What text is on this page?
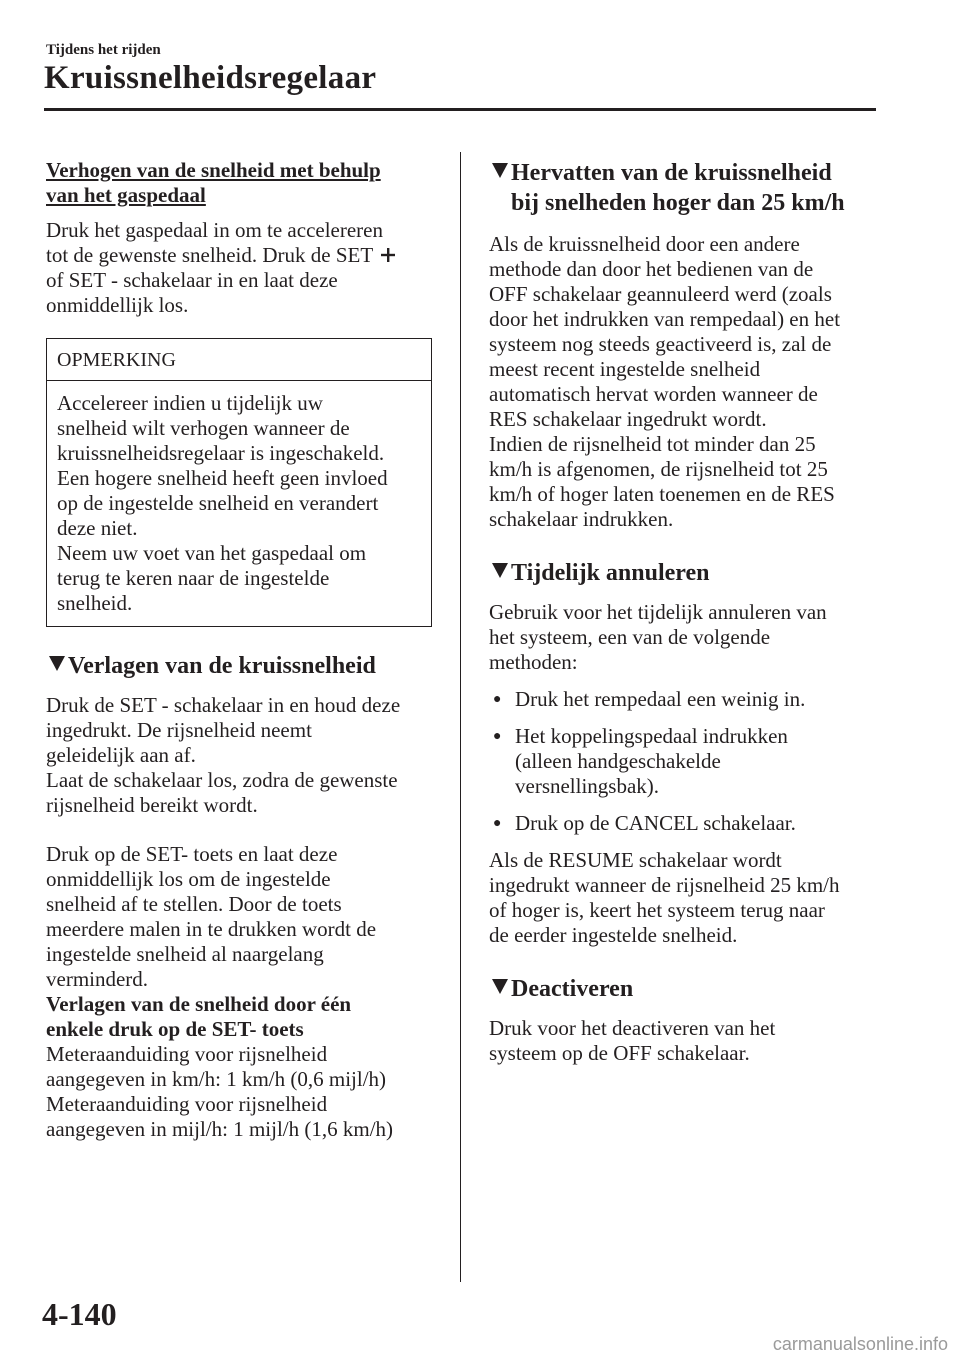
Tijdens het rijden
Kruissnelheidsregelaar

Verhogen van de snelheid met behulp

van het gaspedaal

Druk het gaspedaal in om te accelereren

tot de gewenste snelheid. Druk de SET

of SET - schakelaar in en laat deze

onmiddellijk los.

OPMERKING

Accelereer indien u tijdelijk uw

snelheid wilt verhogen wanneer de

kruissnelheidsregelaar is ingeschakeld.

Een hogere snelheid heeft geen invloed

op de ingestelde snelheid en verandert

deze niet.

Neem uw voet van het gaspedaal om

terug te keren naar de ingestelde

snelheid.

Verlagen van de kruissnelheid

Druk de SET - schakelaar in en houd deze

ingedrukt. De rijsnelheid neemt

geleidelijk aan af.

Laat de schakelaar los, zodra de gewenste

rijsnelheid bereikt wordt.

Druk op de SET- toets en laat deze

onmiddellijk los om de ingestelde

snelheid af te stellen. Door de toets

meerdere malen in te drukken wordt de

ingestelde snelheid al naargelang

verminderd.

Verlagen van de snelheid door één

enkele druk op de SET- toets

Meteraanduiding voor rijsnelheid

aangegeven in km/h: 1 km/h (0,6 mijl/h)

Meteraanduiding voor rijsnelheid

aangegeven in mijl/h: 1 mijl/h (1,6 km/h)

Hervatten van de kruissnelheid
bij snelheden hoger dan 25 km/h

Als de kruissnelheid door een andere

methode dan door het bedienen van de

OFF schakelaar geannuleerd werd (zoals

door het indrukken van rempedaal) en het

systeem nog steeds geactiveerd is, zal de

meest recent ingestelde snelheid

automatisch hervat worden wanneer de

RES schakelaar ingedrukt wordt.

Indien de rijsnelheid tot minder dan 25

km/h is afgenomen, de rijsnelheid tot 25

km/h of hoger laten toenemen en de RES

schakelaar indrukken.

Tijdelijk annuleren

Gebruik voor het tijdelijk annuleren van

het systeem, een van de volgende

methoden:

● Druk het rempedaal een weinig in.
● Het koppelingspedaal indrukken
(alleen handgeschakelde
versnellingsbak).
● Druk op de CANCEL schakelaar.

Als de RESUME schakelaar wordt

ingedrukt wanneer de rijsnelheid 25 km/h

of hoger is, keert het systeem terug naar

de eerder ingestelde snelheid.

Deactiveren

Druk voor het deactiveren van het

systeem op de OFF schakelaar.

4-140
carmanualsonline.info
